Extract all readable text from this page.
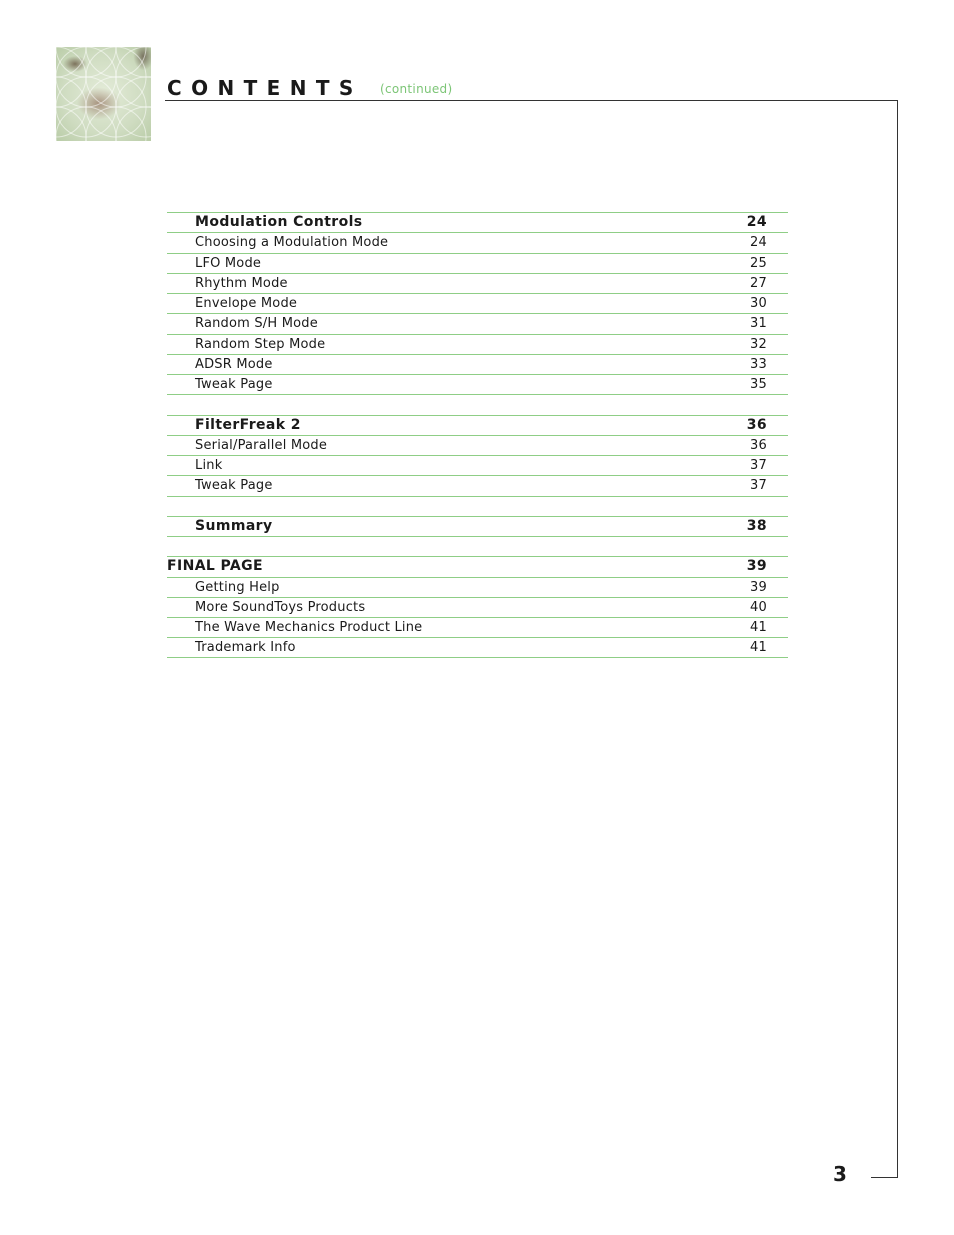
CONTENTS (continued)
Modulation Controls	24
Choosing a Modulation Mode	24
LFO Mode	25
Rhythm Mode	27
Envelope Mode	30
Random S/H Mode	31
Random Step Mode	32
ADSR Mode	33
Tweak Page	35
FilterFreak 2	36
Serial/Parallel Mode	36
Link	37
Tweak Page	37
Summary	38
FINAL PAGE	39
Getting Help	39
More SoundToys Products	40
The Wave Mechanics Product Line	41
Trademark Info	41
3
